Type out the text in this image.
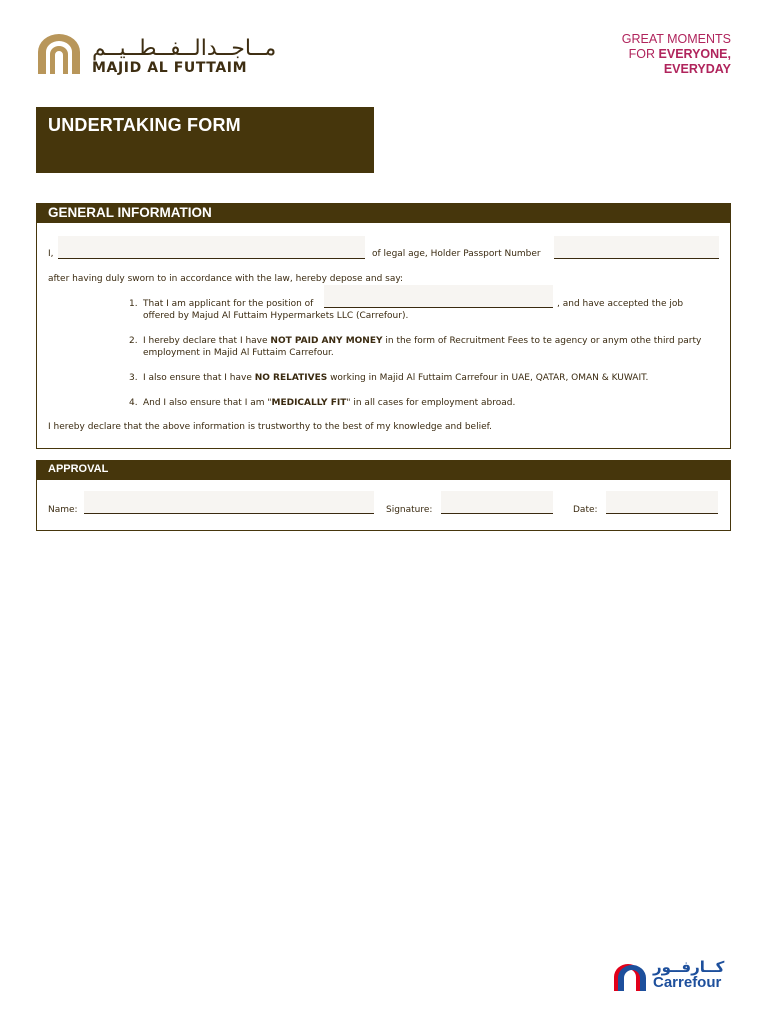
مــاجــدالــفــطــيــم
MAJID AL FUTTAIM
GREAT MOMENTS
FOR EVERYONE,
EVERYDAY
UNDERTAKING FORM
GENERAL INFORMATION
I,	of legal age, Holder Passport Number
after having duly sworn to in accordance with the law, hereby depose and say:
1. That I am applicant for the position of	, and have accepted the job
offered by Majud Al Futtaim Hypermarkets LLC (Carrefour).
2. I hereby declare that I have NOT PAID ANY MONEY in the form of Recruitment Fees to te agency or anym othe third party
employment in Majid Al Futtaim Carrefour.
3. I also ensure that I have NO RELATIVES working in Majid Al Futtaim Carrefour in UAE, QATAR, OMAN & KUWAIT.
4. And I also ensure that I am "MEDICALLY FIT" in all cases for employment abroad.
I hereby declare that the above information is trustworthy to the best of my knowledge and belief.
APPROVAL
Name:	Signature:	Date:
كــارفــور
Carrefour
